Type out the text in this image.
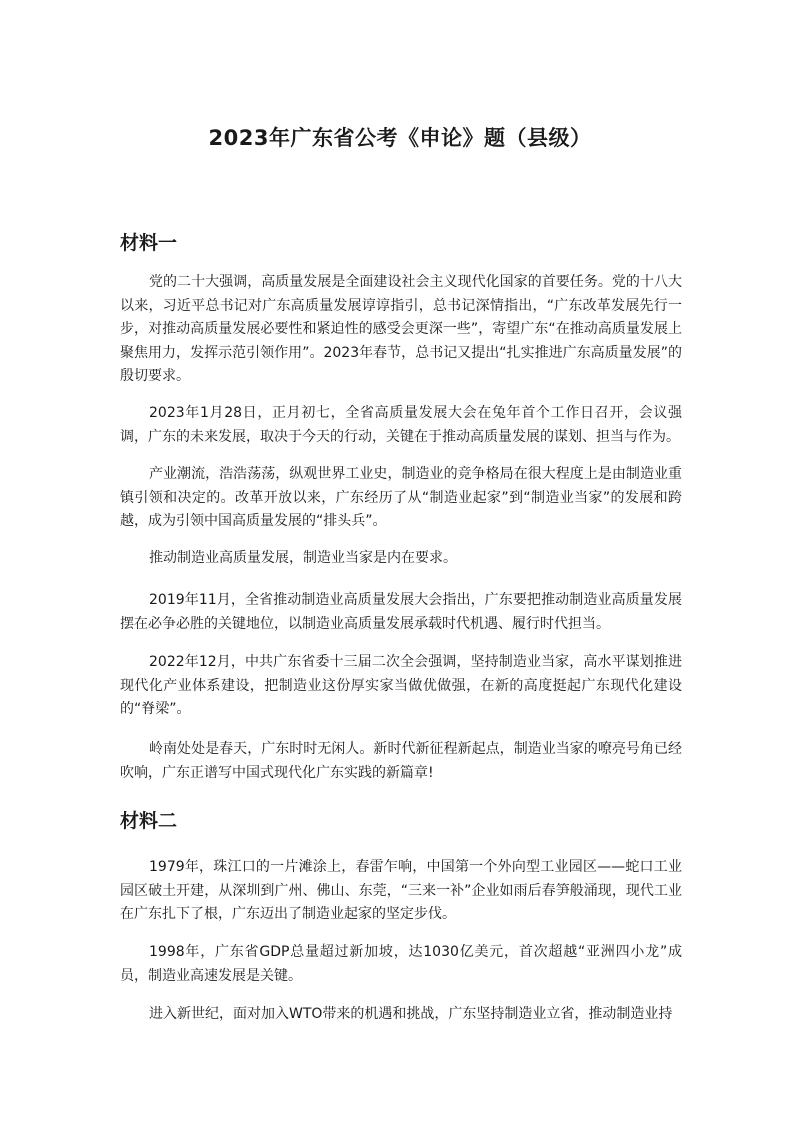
2023年广东省公考《申论》题（县级）
材料一

党的二十大强调，高质量发展是全面建设社会主义现代化国家的首要任务。党的十八大以来，习近平总书记对广东高质量发展谆谆指引，总书记深情指出，“广东改革发展先行一步，对推动高质量发展必要性和紧迫性的感受会更深一些”，寄望广东“在推动高质量发展上聚焦用力，发挥示范引领作用”。2023年春节，总书记又提出“扎实推进广东高质量发展”的殷切要求。

2023年1月28日，正月初七，全省高质量发展大会在兔年首个工作日召开，会议强调，广东的未来发展，取决于今天的行动，关键在于推动高质量发展的谋划、担当与作为。

产业潮流，浩浩荡荡，纵观世界工业史，制造业的竞争格局在很大程度上是由制造业重镇引领和决定的。改革开放以来，广东经历了从“制造业起家”到“制造业当家”的发展和跨越，成为引领中国高质量发展的“排头兵”。

推动制造业高质量发展，制造业当家是内在要求。

2019年11月，全省推动制造业高质量发展大会指出，广东要把推动制造业高质量发展摆在必争必胜的关键地位，以制造业高质量发展承载时代机遇、履行时代担当。

2022年12月，中共广东省委十三届二次全会强调，坚持制造业当家，高水平谋划推进现代化产业体系建设，把制造业这份厚实家当做优做强，在新的高度挺起广东现代化建设的“脊梁”。

岭南处处是春天，广东时时无闲人。新时代新征程新起点，制造业当家的嘹亮号角已经吹响，广东正谱写中国式现代化广东实践的新篇章!

材料二

1979年，珠江口的一片滩涂上，春雷乍响，中国第一个外向型工业园区——蛇口工业园区破土开建，从深圳到广州、佛山、东莞，“三来一补”企业如雨后春笋般涌现，现代工业在广东扎下了根，广东迈出了制造业起家的坚定步伐。

1998年，广东省GDP总量超过新加坡，达1030亿美元，首次超越“亚洲四小龙”成员，制造业高速发展是关键。

进入新世纪，面对加入WTO带来的机遇和挑战，广东坚持制造业立省，推动制造业持
